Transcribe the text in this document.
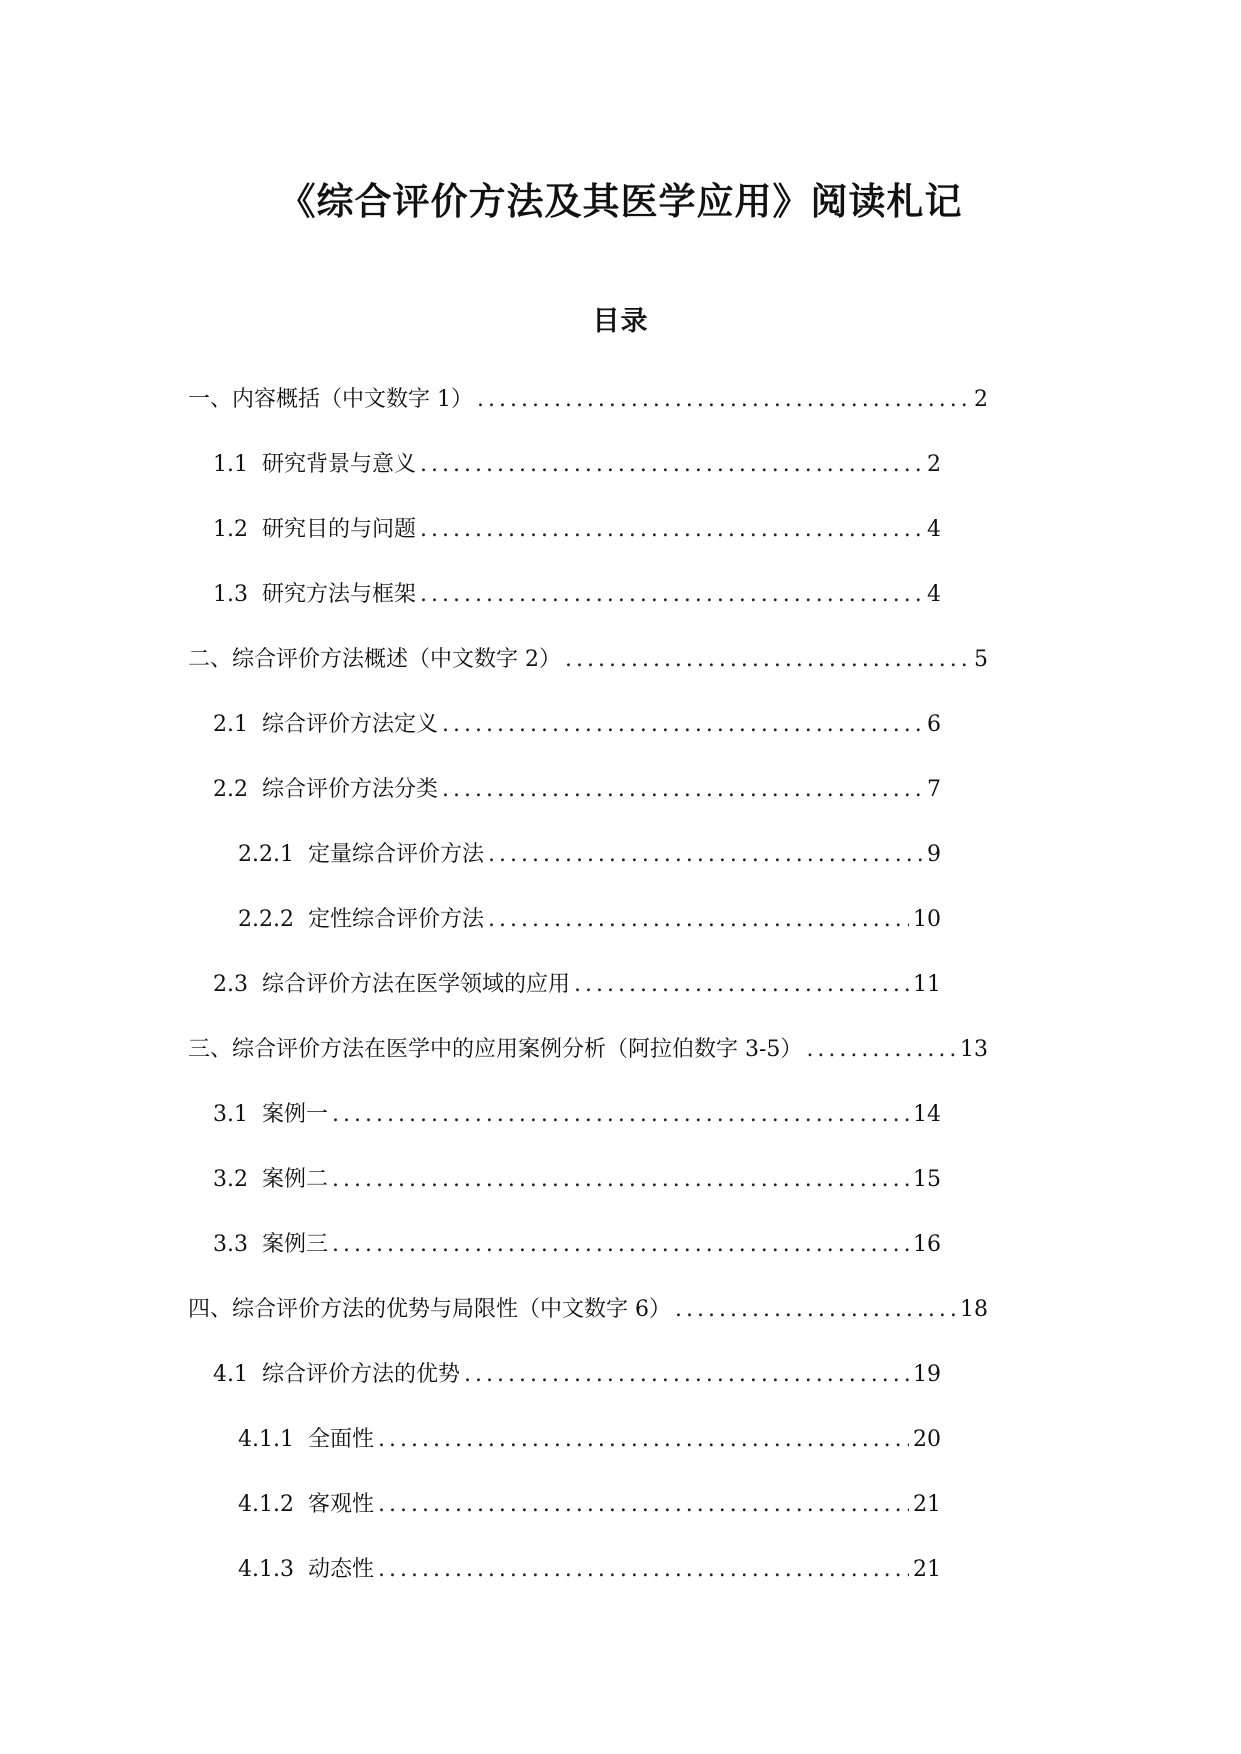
《综合评价方法及其医学应用》阅读札记
目录
一、内容概括（中文数字 1） .....	2
1.1 研究背景与意义 .....	2
1.2 研究目的与问题 .....	4
1.3 研究方法与框架 .....	4
二、综合评价方法概述（中文数字 2） .....	5
2.1 综合评价方法定义 .....	6
2.2 综合评价方法分类 .....	7
2.2.1 定量综合评价方法 .....	9
2.2.2 定性综合评价方法 .....	10
2.3 综合评价方法在医学领域的应用 .....	11
三、综合评价方法在医学中的应用案例分析（阿拉伯数字 3-5） .....	13
3.1 案例一 .....	14
3.2 案例二 .....	15
3.3 案例三 .....	16
四、综合评价方法的优势与局限性（中文数字 6） .....	18
4.1 综合评价方法的优势 .....	19
4.1.1 全面性 .....	20
4.1.2 客观性 .....	21
4.1.3 动态性 .....	21
